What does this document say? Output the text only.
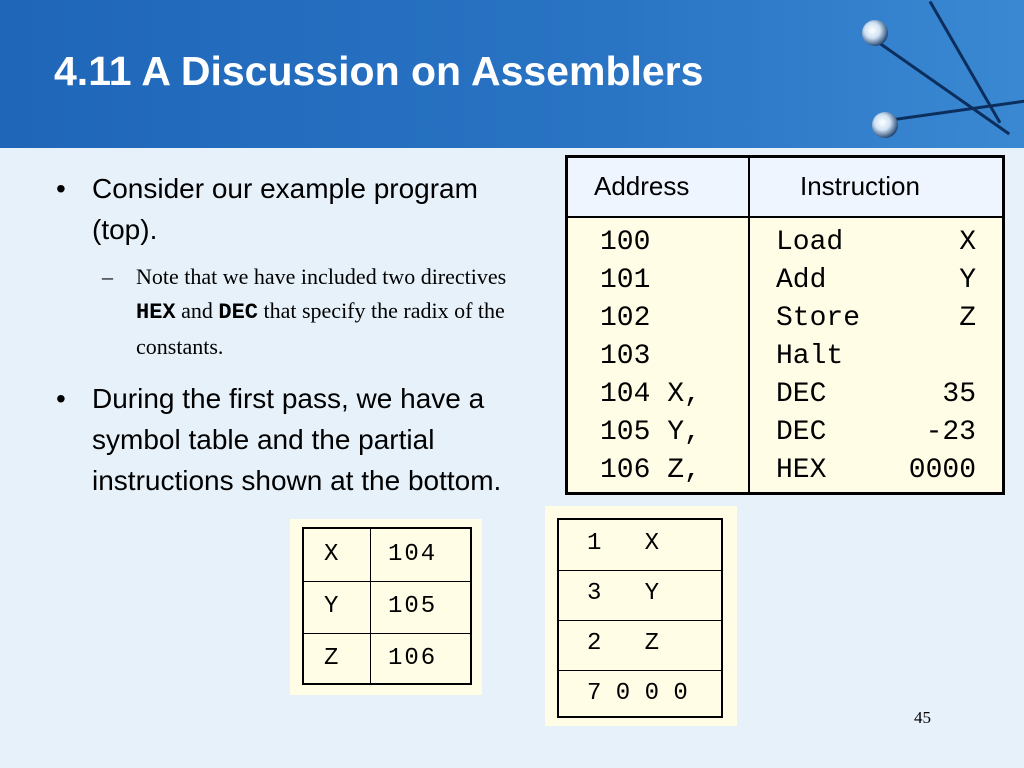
4.11 A Discussion on Assemblers
• Consider our example program (top).
– Note that we have included two directives HEX and DEC that specify the radix of the constants.
• During the first pass, we have a symbol table and the partial instructions shown at the bottom.
Address	Instruction
100	Load	X
101	Add	Y
102	Store	Z
103	Halt
104 X,	DEC	35
105 Y,	DEC	-23
106 Z,	HEX	0000
X 104
Y 105
Z 106
1   X
3   Y
2   Z
7 0 0 0
45
